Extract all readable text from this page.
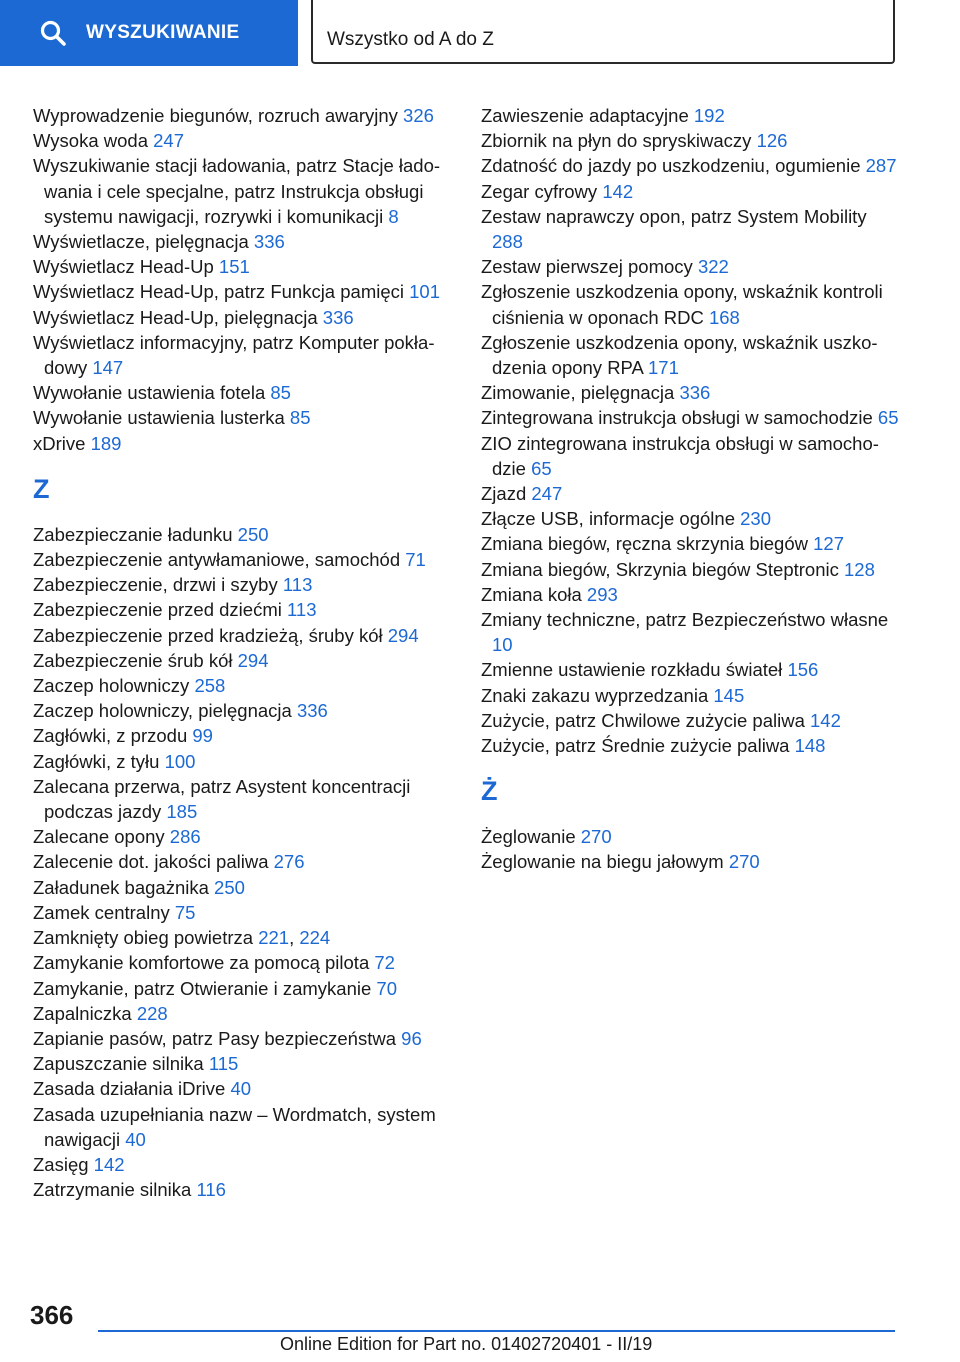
WYSZUKIWANIE	Wszystko od A do Z
Wyprowadzenie biegunów, rozruch awaryjny 326
Wysoka woda 247
Wyszukiwanie stacji ładowania, patrz Stacje ładowania i cele specjalne, patrz Instrukcja obsługi systemu nawigacji, rozrywki i komunikacji 8
Wyświetlacze, pielęgnacja 336
Wyświetlacz Head-Up 151
Wyświetlacz Head-Up, patrz Funkcja pamięci 101
Wyświetlacz Head-Up, pielęgnacja 336
Wyświetlacz informacyjny, patrz Komputer pokładowy 147
Wywołanie ustawienia fotela 85
Wywołanie ustawienia lusterka 85
xDrive 189
Z
Zabezpieczanie ładunku 250
Zabezpieczenie antywłamaniowe, samochód 71
Zabezpieczenie, drzwi i szyby 113
Zabezpieczenie przed dziećmi 113
Zabezpieczenie przed kradzieżą, śruby kół 294
Zabezpieczenie śrub kół 294
Zaczep holowniczy 258
Zaczep holowniczy, pielęgnacja 336
Zagłówki, z przodu 99
Zagłówki, z tyłu 100
Zalecana przerwa, patrz Asystent koncentracji podczas jazdy 185
Zalecane opony 286
Zalecenie dot. jakości paliwa 276
Załadunek bagażnika 250
Zamek centralny 75
Zamknięty obieg powietrza 221, 224
Zamykanie komfortowe za pomocą pilota 72
Zamykanie, patrz Otwieranie i zamykanie 70
Zapalniczka 228
Zapianie pasów, patrz Pasy bezpieczeństwa 96
Zapuszczanie silnika 115
Zasada działania iDrive 40
Zasada uzupełniania nazw – Wordmatch, system nawigacji 40
Zasięg 142
Zatrzymanie silnika 116
Zawieszenie adaptacyjne 192
Zbiornik na płyn do spryskiwaczy 126
Zdatność do jazdy po uszkodzeniu, ogumienie 287
Zegar cyfrowy 142
Zestaw naprawczy opon, patrz System Mobility 288
Zestaw pierwszej pomocy 322
Zgłoszenie uszkodzenia opony, wskaźnik kontroli ciśnienia w oponach RDC 168
Zgłoszenie uszkodzenia opony, wskaźnik uszkodzenia opony RPA 171
Zimowanie, pielęgnacja 336
Zintegrowana instrukcja obsługi w samochodzie 65
ZIO zintegrowana instrukcja obsługi w samochodzie 65
Zjazd 247
Złącze USB, informacje ogólne 230
Zmiana biegów, ręczna skrzynia biegów 127
Zmiana biegów, Skrzynia biegów Steptronic 128
Zmiana koła 293
Zmiany techniczne, patrz Bezpieczeństwo własne 10
Zmienne ustawienie rozkładu świateł 156
Znaki zakazu wyprzedzania 145
Zużycie, patrz Chwilowe zużycie paliwa 142
Zużycie, patrz Średnie zużycie paliwa 148
Ż
Żeglowanie 270
Żeglowanie na biegu jałowym 270
366
Online Edition for Part no. 01402720401 - II/19
